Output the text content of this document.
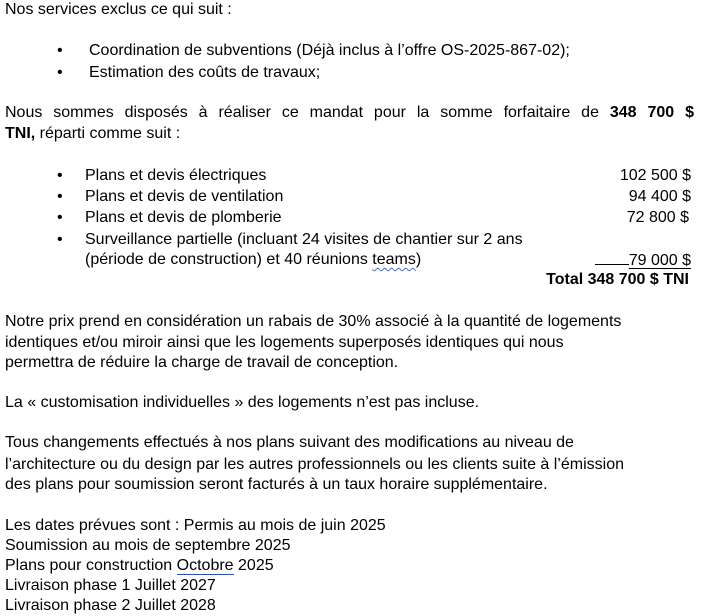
Nos services exclus ce qui suit :
• Coordination de subventions (Déjà inclus à l’offre OS-2025-867-02);
• Estimation des coûts de travaux;
Nous sommes disposés à réaliser ce mandat pour la somme forfaitaire de 348 700 $
TNI, réparti comme suit :
• Plans et devis électriques	102 500 $
• Plans et devis de ventilation	94 400 $
• Plans et devis de plomberie	72 800 $
• Surveillance partielle (incluant 24 visites de chantier sur 2 ans
(période de construction) et 40 réunions teams)	79 000 $
Total 348 700 $ TNI
Notre prix prend en considération un rabais de 30% associé à la quantité de logements
identiques et/ou miroir ainsi que les logements superposés identiques qui nous
permettra de réduire la charge de travail de conception.
La « customisation individuelles » des logements n’est pas incluse.
Tous changements effectués à nos plans suivant des modifications au niveau de
l’architecture ou du design par les autres professionnels ou les clients suite à l’émission
des plans pour soumission seront facturés à un taux horaire supplémentaire.
Les dates prévues sont : Permis au mois de juin 2025
Soumission au mois de septembre 2025
Plans pour construction Octobre 2025
Livraison phase 1 Juillet 2027
Livraison phase 2 Juillet 2028
